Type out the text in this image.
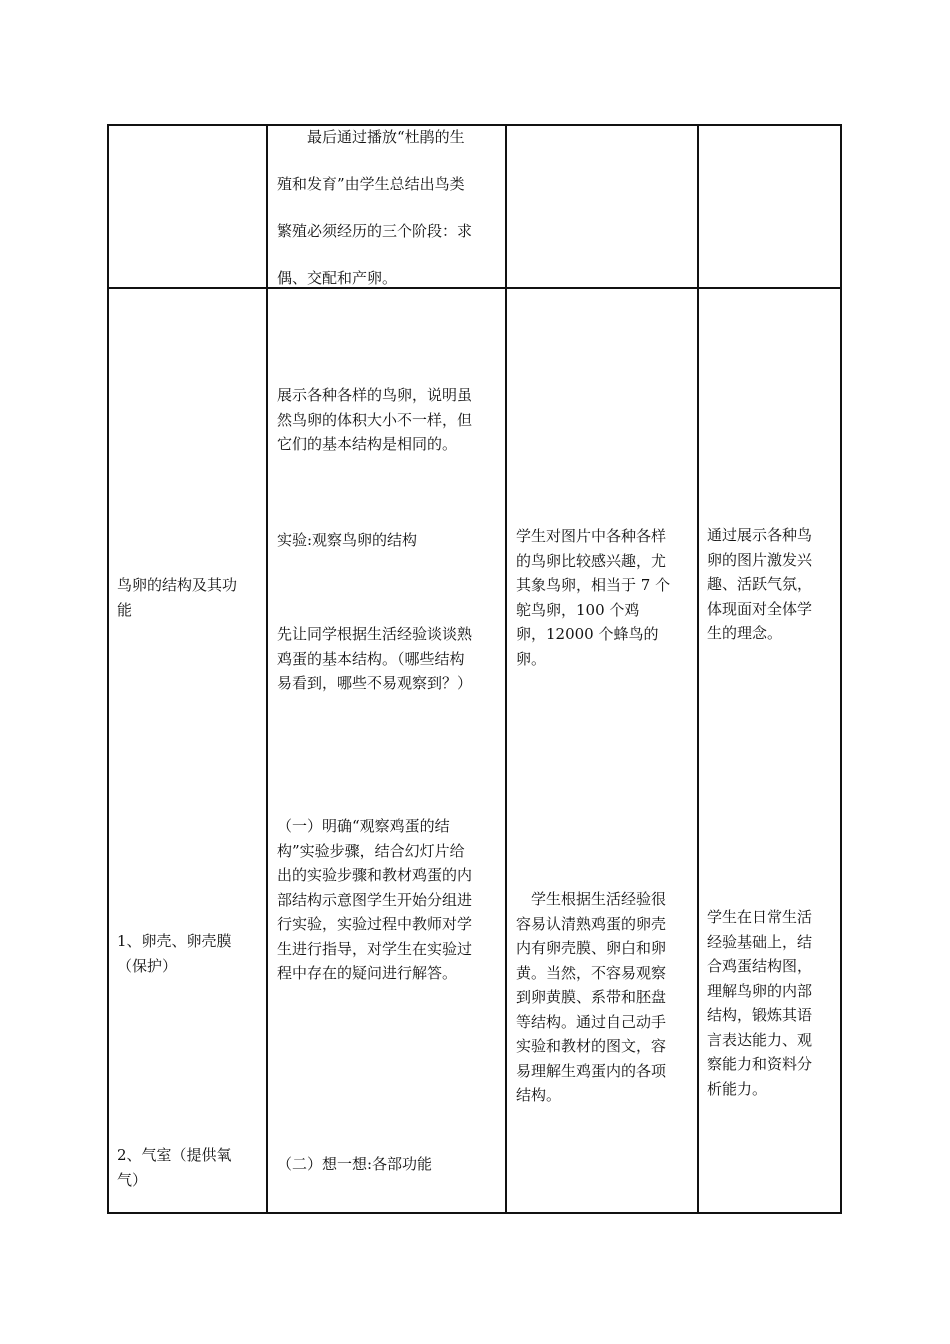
　　最后通过播放“杜鹃的生
殖和发育”由学生总结出鸟类
繁殖必须经历的三个阶段：求
偶、交配和产卵。
鸟卵的结构及其功
能
1、卵壳、卵壳膜
（保护）
2、气室（提供氧
气）
展示各种各样的鸟卵，说明虽
然鸟卵的体积大小不一样，但
它们的基本结构是相同的。
实验:观察鸟卵的结构
先让同学根据生活经验谈谈熟
鸡蛋的基本结构。（哪些结构
易看到，哪些不易观察到？）
（一）明确“观察鸡蛋的结
构”实验步骤，结合幻灯片给
出的实验步骤和教材鸡蛋的内
部结构示意图学生开始分组进
行实验，实验过程中教师对学
生进行指导，对学生在实验过
程中存在的疑问进行解答。
（二）想一想:各部功能
学生对图片中各种各样
的鸟卵比较感兴趣，尤
其象鸟卵，相当于 7 个
鸵鸟卵，100 个鸡
卵，12000 个蜂鸟的
卵。
　学生根据生活经验很
容易认清熟鸡蛋的卵壳
内有卵壳膜、卵白和卵
黄。当然，不容易观察
到卵黄膜、系带和胚盘
等结构。通过自己动手
实验和教材的图文，容
易理解生鸡蛋内的各项
结构。
通过展示各种鸟
卵的图片激发兴
趣、活跃气氛，
体现面对全体学
生的理念。
学生在日常生活
经验基础上，结
合鸡蛋结构图，
理解鸟卵的内部
结构，锻炼其语
言表达能力、观
察能力和资料分
析能力。
